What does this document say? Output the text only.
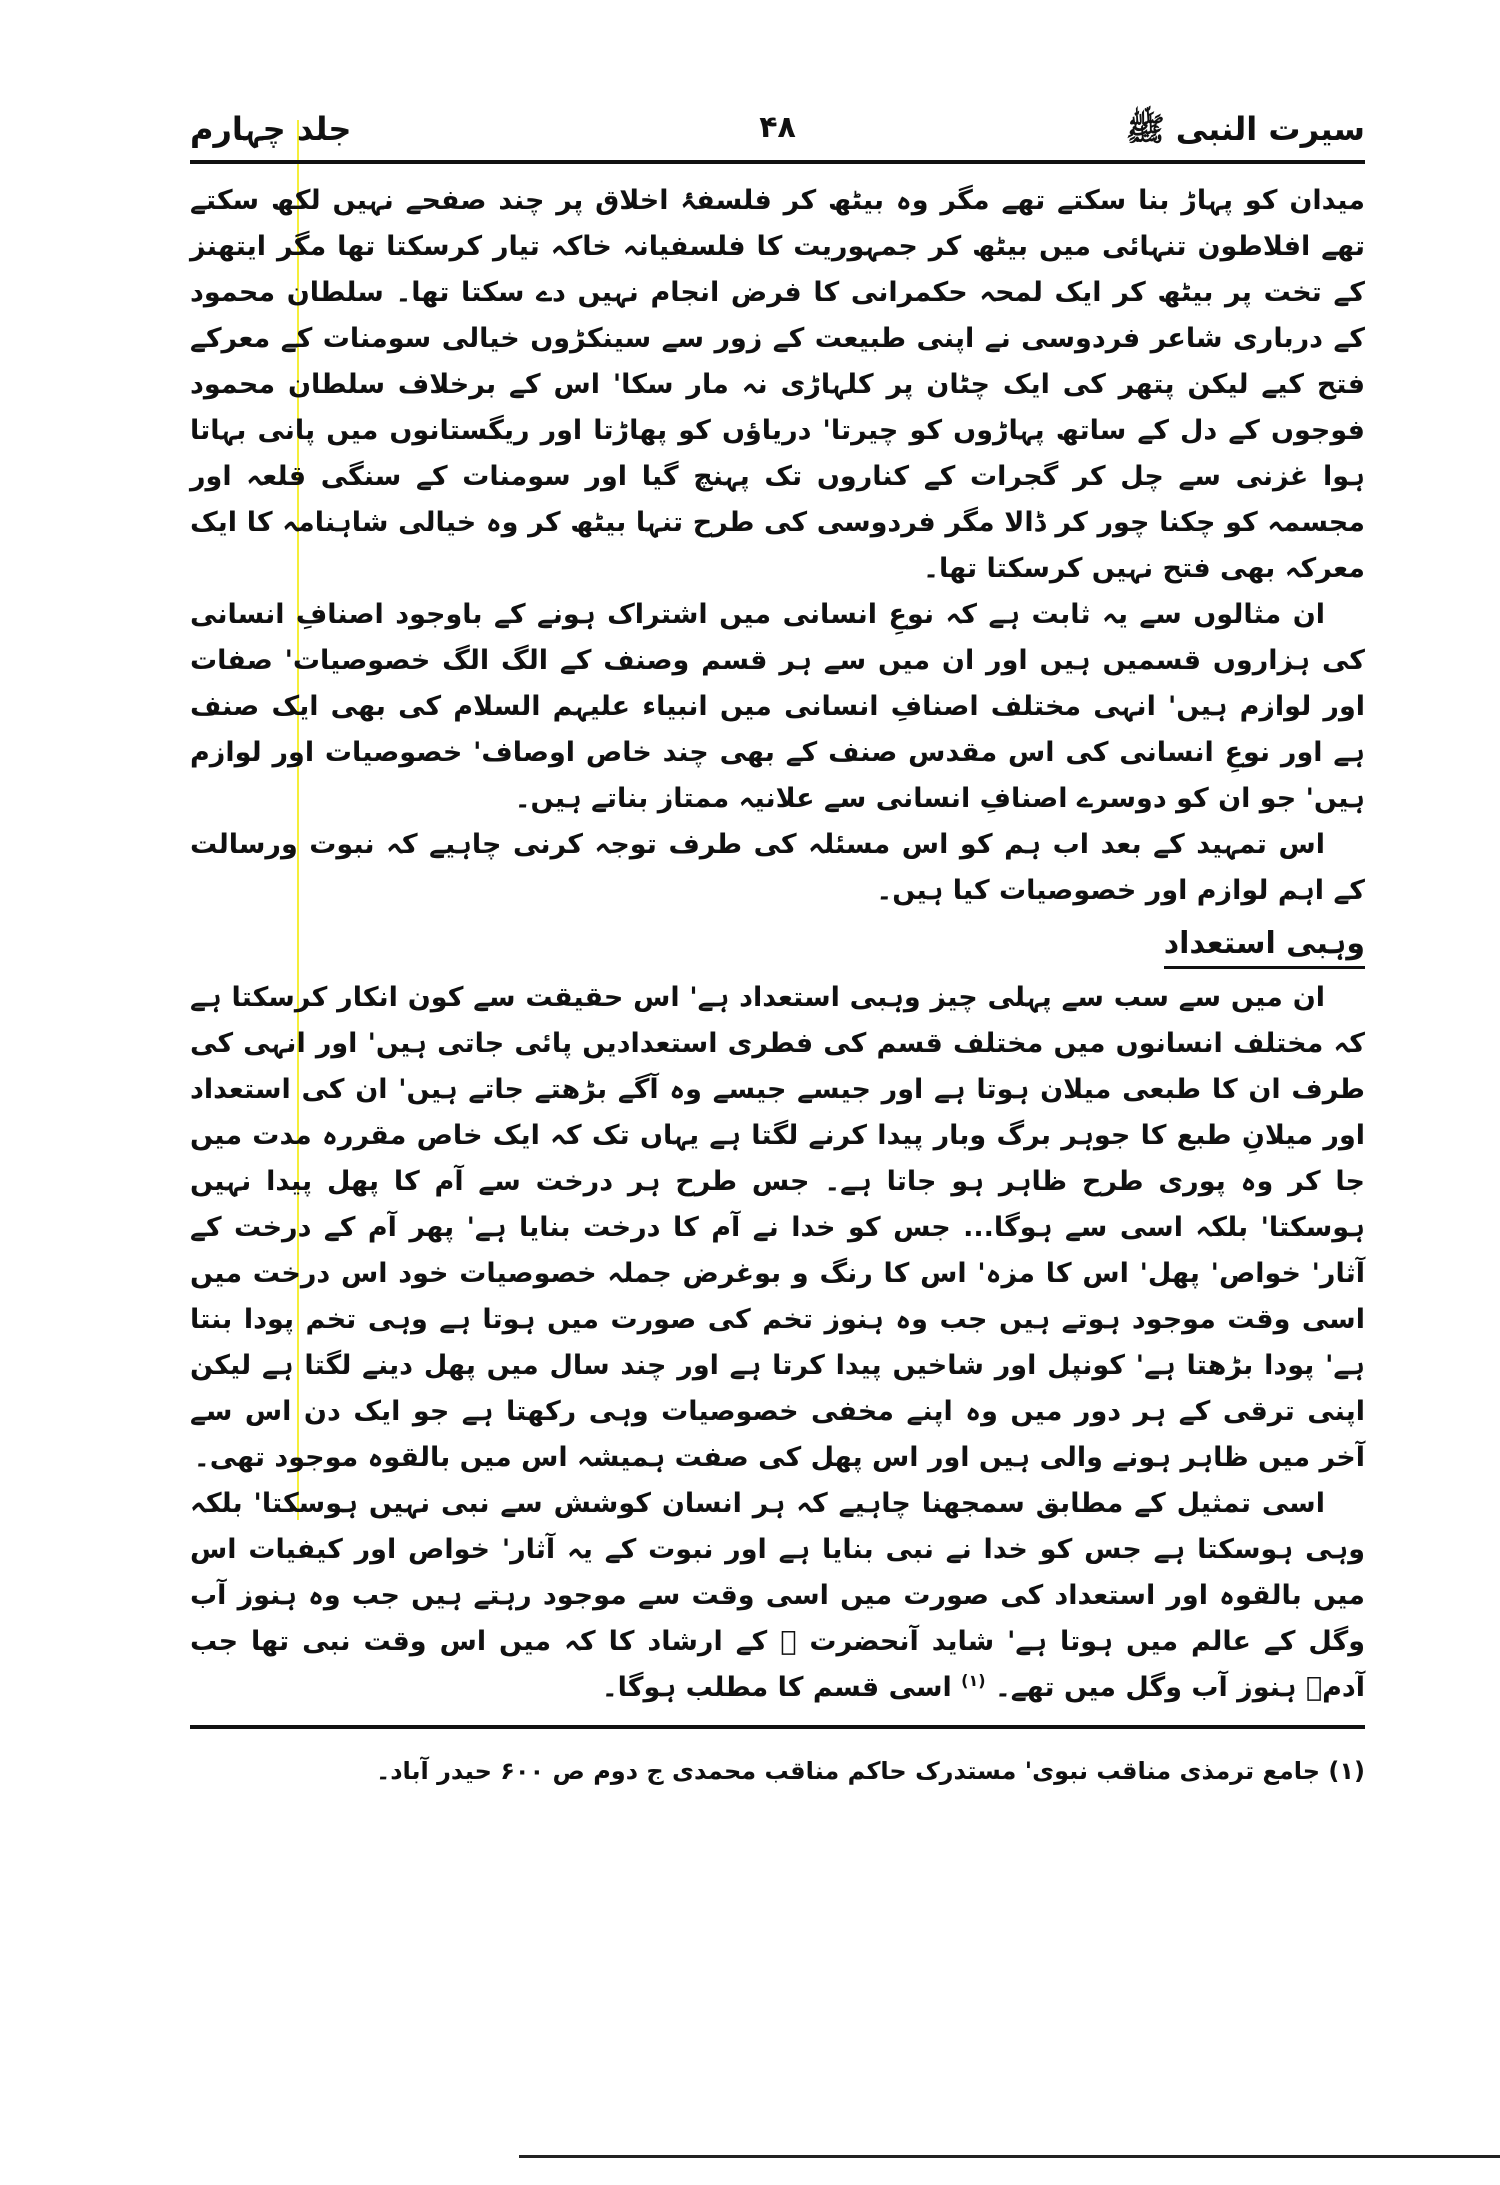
سیرت النبی ﷺ
۴۸
جلد چہارم

میدان کو پہاڑ بنا سکتے تھے مگر وہ بیٹھ کر فلسفۂ اخلاق پر چند صفحے نہیں لکھ سکتے تھے افلاطون تنہائی میں بیٹھ کر جمہوریت کا فلسفیانہ خاکہ تیار کرسکتا تھا مگر ایتھنز کے تخت پر بیٹھ کر ایک لمحہ حکمرانی کا فرض انجام نہیں دے سکتا تھا۔ سلطان محمود کے درباری شاعر فردوسی نے اپنی طبیعت کے زور سے سینکڑوں خیالی سومنات کے معرکے فتح کیے لیکن پتھر کی ایک چٹان پر کلہاڑی نہ مار سکا' اس کے برخلاف سلطان محمود فوجوں کے دل کے ساتھ پہاڑوں کو چیرتا' دریاؤں کو پھاڑتا اور ریگستانوں میں پانی بہاتا ہوا غزنی سے چل کر گجرات کے کناروں تک پہنچ گیا اور سومنات کے سنگی قلعہ اور مجسمہ کو چکنا چور کر ڈالا مگر فردوسی کی طرح تنہا بیٹھ کر وہ خیالی شاہنامہ کا ایک معرکہ بھی فتح نہیں کرسکتا تھا۔

ان مثالوں سے یہ ثابت ہے کہ نوعِ انسانی میں اشتراک ہونے کے باوجود اصنافِ انسانی کی ہزاروں قسمیں ہیں اور ان میں سے ہر قسم وصنف کے الگ الگ خصوصیات' صفات اور لوازم ہیں' انہی مختلف اصنافِ انسانی میں انبیاء علیہم السلام کی بھی ایک صنف ہے اور نوعِ انسانی کی اس مقدس صنف کے بھی چند خاص اوصاف' خصوصیات اور لوازم ہیں' جو ان کو دوسرے اصنافِ انسانی سے علانیہ ممتاز بناتے ہیں۔

اس تمہید کے بعد اب ہم کو اس مسئلہ کی طرف توجہ کرنی چاہیے کہ نبوت ورسالت کے اہم لوازم اور خصوصیات کیا ہیں۔

وہبی استعداد

ان میں سے سب سے پہلی چیز وہبی استعداد ہے' اس حقیقت سے کون انکار کرسکتا ہے کہ مختلف انسانوں میں مختلف قسم کی فطری استعدادیں پائی جاتی ہیں' اور انہی کی طرف ان کا طبعی میلان ہوتا ہے اور جیسے جیسے وہ آگے بڑھتے جاتے ہیں' ان کی استعداد اور میلانِ طبع کا جوہر برگ وبار پیدا کرنے لگتا ہے یہاں تک کہ ایک خاص مقررہ مدت میں جا کر وہ پوری طرح ظاہر ہو جاتا ہے۔ جس طرح ہر درخت سے آم کا پھل پیدا نہیں ہوسکتا' بلکہ اسی سے ہوگا... جس کو خدا نے آم کا درخت بنایا ہے' پھر آم کے درخت کے آثار' خواص' پھل' اس کا مزہ' اس کا رنگ و بوغرض جملہ خصوصیات خود اس درخت میں اسی وقت موجود ہوتے ہیں جب وہ ہنوز تخم کی صورت میں ہوتا ہے وہی تخم پودا بنتا ہے' پودا بڑھتا ہے' کونپل اور شاخیں پیدا کرتا ہے اور چند سال میں پھل دینے لگتا ہے لیکن اپنی ترقی کے ہر دور میں وہ اپنے مخفی خصوصیات وہی رکھتا ہے جو ایک دن اس سے آخر میں ظاہر ہونے والی ہیں اور اس پھل کی صفت ہمیشہ اس میں بالقوہ موجود تھی۔

اسی تمثیل کے مطابق سمجھنا چاہیے کہ ہر انسان کوشش سے نبی نہیں ہوسکتا' بلکہ وہی ہوسکتا ہے جس کو خدا نے نبی بنایا ہے اور نبوت کے یہ آثار' خواص اور کیفیات اس میں بالقوہ اور استعداد کی صورت میں اسی وقت سے موجود رہتے ہیں جب وہ ہنوز آب وگل کے عالم میں ہوتا ہے' شاید آنحضرت ﷺ کے ارشاد کا کہ میں اس وقت نبی تھا جب آدمؑ ہنوز آب وگل میں تھے۔ $^{(۱)}$ اسی قسم کا مطلب ہوگا۔

(۱) جامع ترمذی مناقب نبوی' مستدرک حاکم مناقب محمدی ج دوم ص ۶۰۰ حیدر آباد۔
